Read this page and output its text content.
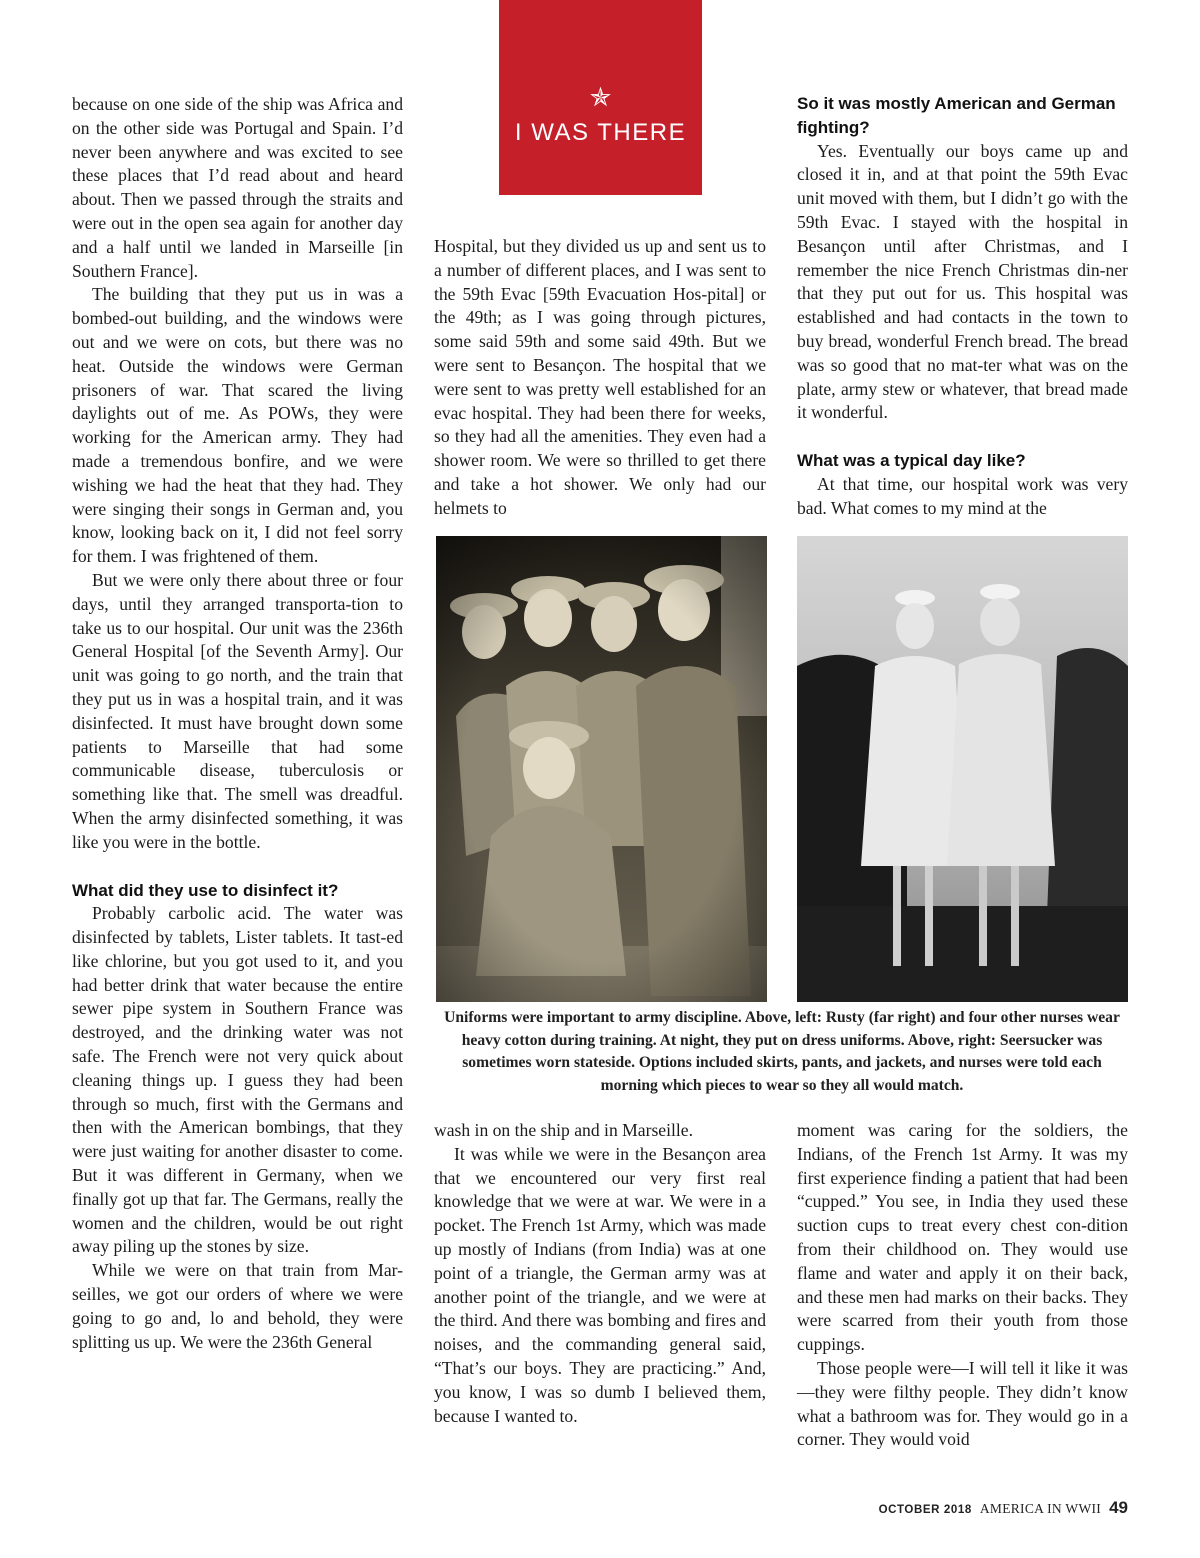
✯
I WAS THERE

because on one side of the ship was Africa and on the other side was Portugal and Spain. I’d never been anywhere and was excited to see these places that I’d read about and heard about. Then we passed through the straits and were out in the open sea again for another day and a half until we landed in Marseille [in Southern France].

The building that they put us in was a bombed-out building, and the windows were out and we were on cots, but there was no heat. Outside the windows were German prisoners of war. That scared the living daylights out of me. As POWs, they were working for the American army. They had made a tremendous bonfire, and we were wishing we had the heat that they had. They were singing their songs in German and, you know, looking back on it, I did not feel sorry for them. I was frightened of them.

But we were only there about three or four days, until they arranged transporta-tion to take us to our hospital. Our unit was the 236th General Hospital [of the Seventh Army]. Our unit was going to go north, and the train that they put us in was a hospital train, and it was disinfected. It must have brought down some patients to Marseille that had some communicable disease, tuberculosis or something like that. The smell was dreadful. When the army disinfected something, it was like you were in the bottle.

What did they use to disinfect it?

Probably carbolic acid. The water was disinfected by tablets, Lister tablets. It tast-ed like chlorine, but you got used to it, and you had better drink that water because the entire sewer pipe system in Southern France was destroyed, and the drinking water was not safe. The French were not very quick about cleaning things up. I guess they had been through so much, first with the Germans and then with the American bombings, that they were just waiting for another disaster to come. But it was different in Germany, when we finally got up that far. The Germans, really the women and the children, would be out right away piling up the stones by size.

While we were on that train from Mar-seilles, we got our orders of where we were going to go and, lo and behold, they were splitting us up. We were the 236th General

Hospital, but they divided us up and sent us to a number of different places, and I was sent to the 59th Evac [59th Evacuation Hos-pital] or the 49th; as I was going through pictures, some said 59th and some said 49th. But we were sent to Besançon. The hospital that we were sent to was pretty well established for an evac hospital. They had been there for weeks, so they had all the amenities. They even had a shower room. We were so thrilled to get there and take a hot shower. We only had our helmets to

So it was mostly American and German fighting?

Yes. Eventually our boys came up and closed it in, and at that point the 59th Evac unit moved with them, but I didn’t go with the 59th Evac. I stayed with the hospital in Besançon until after Christmas, and I remember the nice French Christmas din-ner that they put out for us. This hospital was established and had contacts in the town to buy bread, wonderful French bread. The bread was so good that no mat-ter what was on the plate, army stew or whatever, that bread made it wonderful.

What was a typical day like?

At that time, our hospital work was very bad. What comes to my mind at the

Uniforms were important to army discipline. Above, left: Rusty (far right) and four other nurses wear heavy cotton during training. At night, they put on dress uniforms. Above, right: Seersucker was sometimes worn stateside. Options included skirts, pants, and jackets, and nurses were told each morning which pieces to wear so they all would match.

wash in on the ship and in Marseille.

It was while we were in the Besançon area that we encountered our very first real knowledge that we were at war. We were in a pocket. The French 1st Army, which was made up mostly of Indians (from India) was at one point of a triangle, the German army was at another point of the triangle, and we were at the third. And there was bombing and fires and noises, and the commanding general said, “That’s our boys. They are practicing.” And, you know, I was so dumb I believed them, because I wanted to.

moment was caring for the soldiers, the Indians, of the French 1st Army. It was my first experience finding a patient that had been “cupped.” You see, in India they used these suction cups to treat every chest con-dition from their childhood on. They would use flame and water and apply it on their back, and these men had marks on their backs. They were scarred from their youth from those cuppings.

Those people were—I will tell it like it was—they were filthy people. They didn’t know what a bathroom was for. They would go in a corner. They would void

OCTOBER 2018 AMERICA IN WWII 49
